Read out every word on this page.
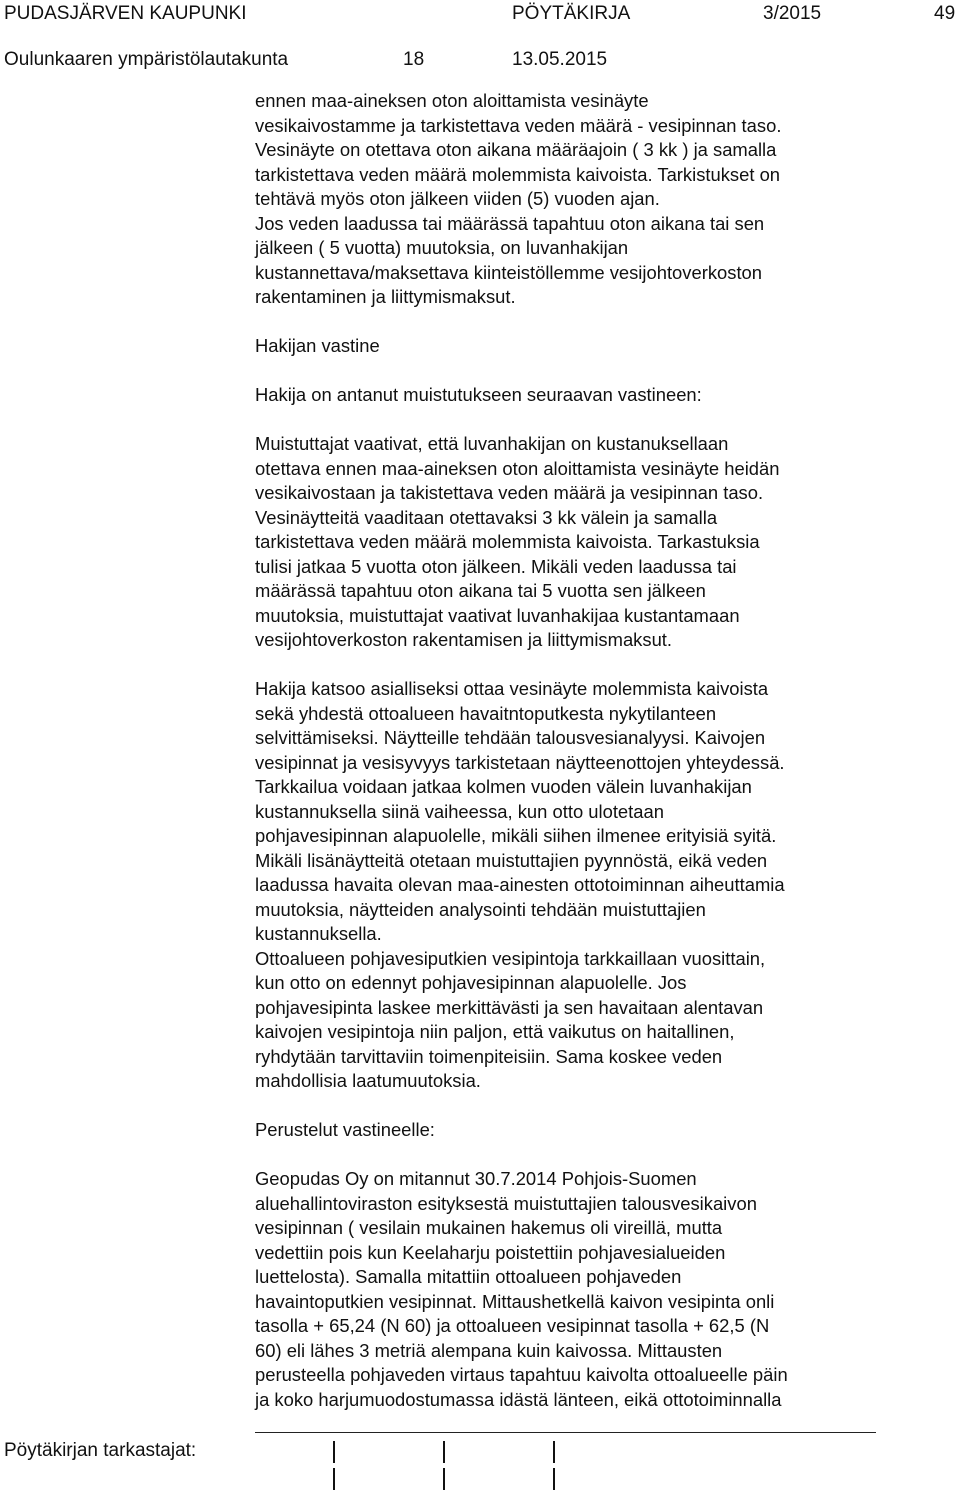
PUDASJÄRVEN KAUPUNKI	PÖYTÄKIRJA	3/2015	49
Oulunkaaren ympäristölautakunta	18	13.05.2015
ennen maa-aineksen oton aloittamista vesinäyte
vesikaivostamme ja tarkistettava veden määrä - vesipinnan taso.
Vesinäyte on otettava oton aikana määräajoin ( 3 kk ) ja samalla
tarkistettava veden määrä molemmista kaivoista. Tarkistukset on
tehtävä myös oton jälkeen viiden (5) vuoden ajan.
Jos veden laadussa tai määrässä tapahtuu oton aikana tai sen
jälkeen ( 5 vuotta) muutoksia, on luvanhakijan
kustannettava/maksettava kiinteistöllemme vesijohtoverkoston
rakentaminen ja liittymismaksut.
Hakijan vastine
Hakija on antanut muistutukseen seuraavan vastineen:
Muistuttajat vaativat, että luvanhakijan on kustanuksellaan
otettava ennen maa-aineksen oton aloittamista vesinäyte heidän
vesikaivostaan ja takistettava veden määrä ja vesipinnan taso.
Vesinäytteitä vaaditaan otettavaksi 3 kk välein ja samalla
tarkistettava veden määrä molemmista kaivoista. Tarkastuksia
tulisi jatkaa 5 vuotta oton jälkeen. Mikäli veden laadussa tai
määrässä tapahtuu oton aikana tai 5 vuotta sen jälkeen
muutoksia, muistuttajat vaativat luvanhakijaa kustantamaan
vesijohtoverkoston rakentamisen ja liittymismaksut.
Hakija katsoo asialliseksi ottaa vesinäyte molemmista kaivoista
sekä yhdestä ottoalueen havaitntoputkesta nykytilanteen
selvittämiseksi. Näytteille tehdään talousvesianalyysi. Kaivojen
vesipinnat ja vesisyvyys tarkistetaan näytteenottojen yhteydessä.
Tarkkailua voidaan jatkaa kolmen vuoden välein luvanhakijan
kustannuksella siinä vaiheessa, kun otto ulotetaan
pohjavesipinnan alapuolelle, mikäli siihen ilmenee erityisiä syitä.
Mikäli lisänäytteitä otetaan muistuttajien pyynnöstä, eikä veden
laadussa havaita olevan maa-ainesten ottotoiminnan aiheuttamia
muutoksia, näytteiden analysointi tehdään muistuttajien
kustannuksella.
Ottoalueen pohjavesiputkien vesipintoja tarkkaillaan vuosittain,
kun otto on edennyt pohjavesipinnan alapuolelle. Jos
pohjavesipinta laskee merkittävästi ja sen havaitaan alentavan
kaivojen vesipintoja niin paljon, että vaikutus on haitallinen,
ryhdytään tarvittaviin toimenpiteisiin. Sama koskee veden
mahdollisia laatumuutoksia.
Perustelut vastineelle:
Geopudas Oy on mitannut 30.7.2014 Pohjois-Suomen
aluehallintoviraston esityksestä muistuttajien talousvesikaivon
vesipinnan ( vesilain mukainen hakemus oli vireillä, mutta
vedettiin pois kun Keelaharju poistettiin pohjavesialueiden
luettelosta). Samalla mitattiin ottoalueen pohjaveden
havaintoputkien vesipinnat. Mittaushetkellä kaivon vesipinta onli
tasolla + 65,24 (N 60) ja ottoalueen vesipinnat tasolla + 62,5 (N
60) eli lähes 3 metriä alempana kuin kaivossa. Mittausten
perusteella pohjaveden virtaus tapahtuu kaivolta ottoalueelle päin
ja koko harjumuodostumassa idästä länteen, eikä ottotoiminnalla
Pöytäkirjan tarkastajat:
